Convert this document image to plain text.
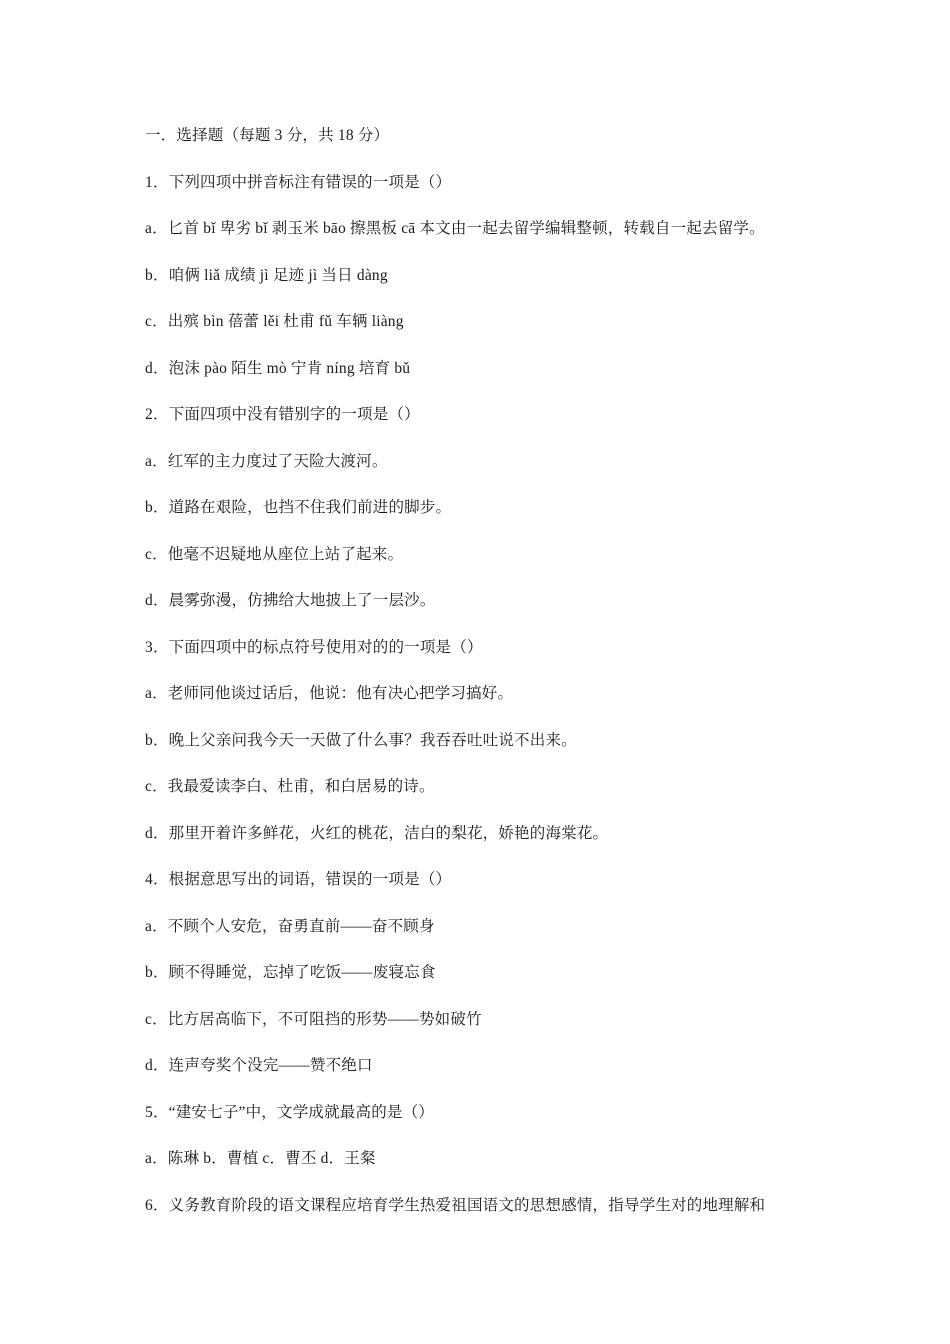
一．选择题（每题 3 分，共 18 分）
1．下列四项中拼音标注有错误的一项是（）
a．匕首 bǐ 卑劣 bǐ 剥玉米 bāo 擦黑板 cā 本文由一起去留学编辑整顿，转载自一起去留学。
b．咱俩 liǎ 成绩 jì 足迹 jì 当日 dàng
c．出殡 bìn 蓓蕾 lěi 杜甫 fǔ 车辆 liàng
d．泡沫 pào 陌生 mò 宁肯 níng 培育 bǔ
2．下面四项中没有错别字的一项是（）
a．红军的主力度过了天险大渡河。
b．道路在艰险，也挡不住我们前进的脚步。
c．他毫不迟疑地从座位上站了起来。
d．晨雾弥漫，仿拂给大地披上了一层沙。
3．下面四项中的标点符号使用对的的一项是（）
a．老师同他谈过话后，他说：他有决心把学习搞好。
b．晚上父亲问我今天一天做了什么事？我吞吞吐吐说不出来。
c．我最爱读李白、杜甫，和白居易的诗。
d．那里开着许多鲜花，火红的桃花，洁白的梨花，娇艳的海棠花。
4．根据意思写出的词语，错误的一项是（）
a．不顾个人安危，奋勇直前——奋不顾身
b．顾不得睡觉，忘掉了吃饭——废寝忘食
c．比方居高临下，不可阻挡的形势——势如破竹
d．连声夸奖个没完——赞不绝口
5．“建安七子”中，文学成就最高的是（）
a．陈琳 b．曹植 c．曹丕 d．王粲
6．义务教育阶段的语文课程应培育学生热爱祖国语文的思想感情，指导学生对的地理解和
